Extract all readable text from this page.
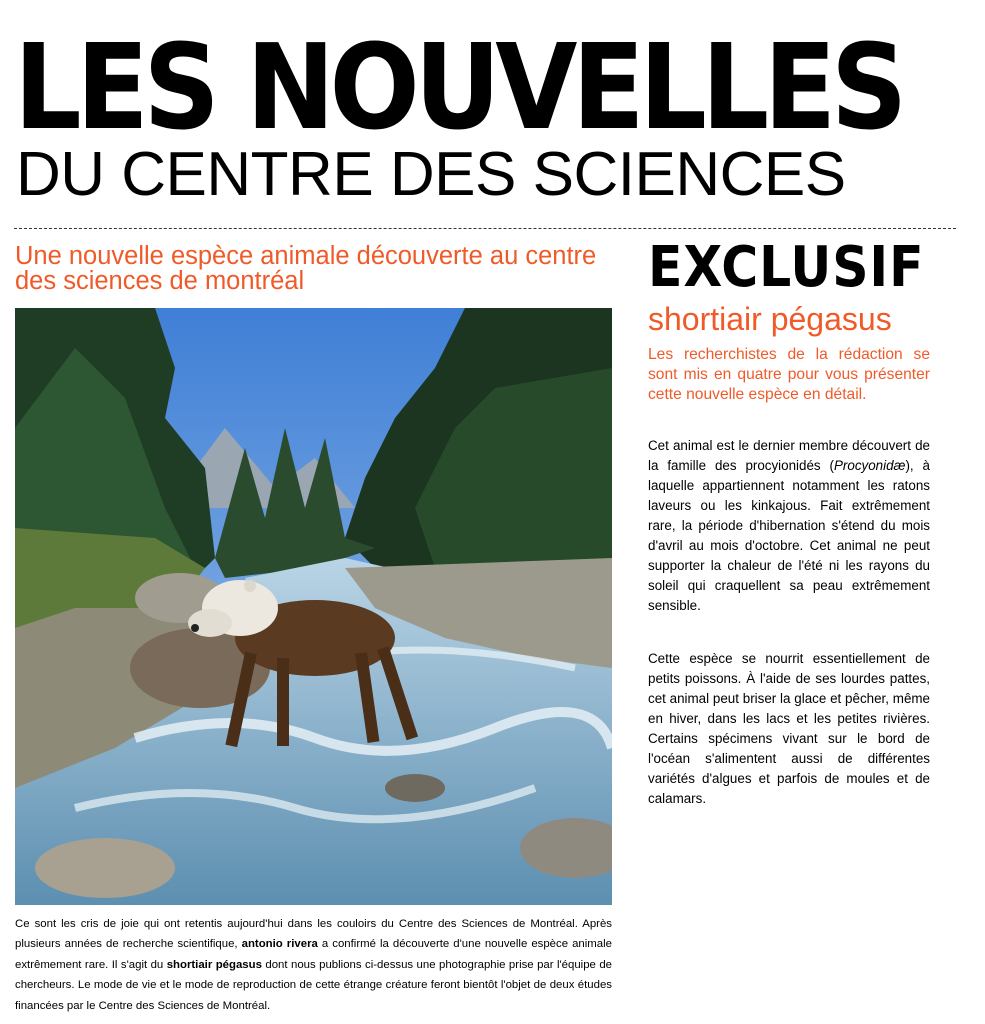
LES NOUVELLES
DU CENTRE DES SCIENCES
Une nouvelle espèce animale découverte au centre des sciences de montréal

Ce sont les cris de joie qui ont retentis aujourd'hui dans les couloirs du Centre des Sciences de Montréal. Après plusieurs années de recherche scientifique, antonio rivera a confirmé la découverte d'une nouvelle espèce animale extrêmement rare. Il s'agit du shortiair pégasus dont nous publions ci-dessus une photographie prise par l'équipe de chercheurs. Le mode de vie et le mode de reproduction de cette étrange créature feront bientôt l'objet de deux études financées par le Centre des Sciences de Montréal.

EXCLUSIF
shortiair pégasus

Les recherchistes de la rédaction se sont mis en quatre pour vous présenter cette nouvelle espèce en détail.

Cet animal est le dernier membre découvert de la famille des procyionidés (Procyonidæ), à laquelle appartiennent notamment les ratons laveurs ou les kinkajous. Fait extrêmement rare, la période d'hibernation s'étend du mois d'avril au mois d'octobre. Cet animal ne peut supporter la chaleur de l'été ni les rayons du soleil qui craquellent sa peau extrêmement sensible.

Cette espèce se nourrit essentiellement de petits poissons. À l'aide de ses lourdes pattes, cet animal peut briser la glace et pêcher, même en hiver, dans les lacs et les petites rivières. Certains spécimens vivant sur le bord de l'océan s'alimentent aussi de différentes variétés d'algues et parfois de moules et de calamars.
